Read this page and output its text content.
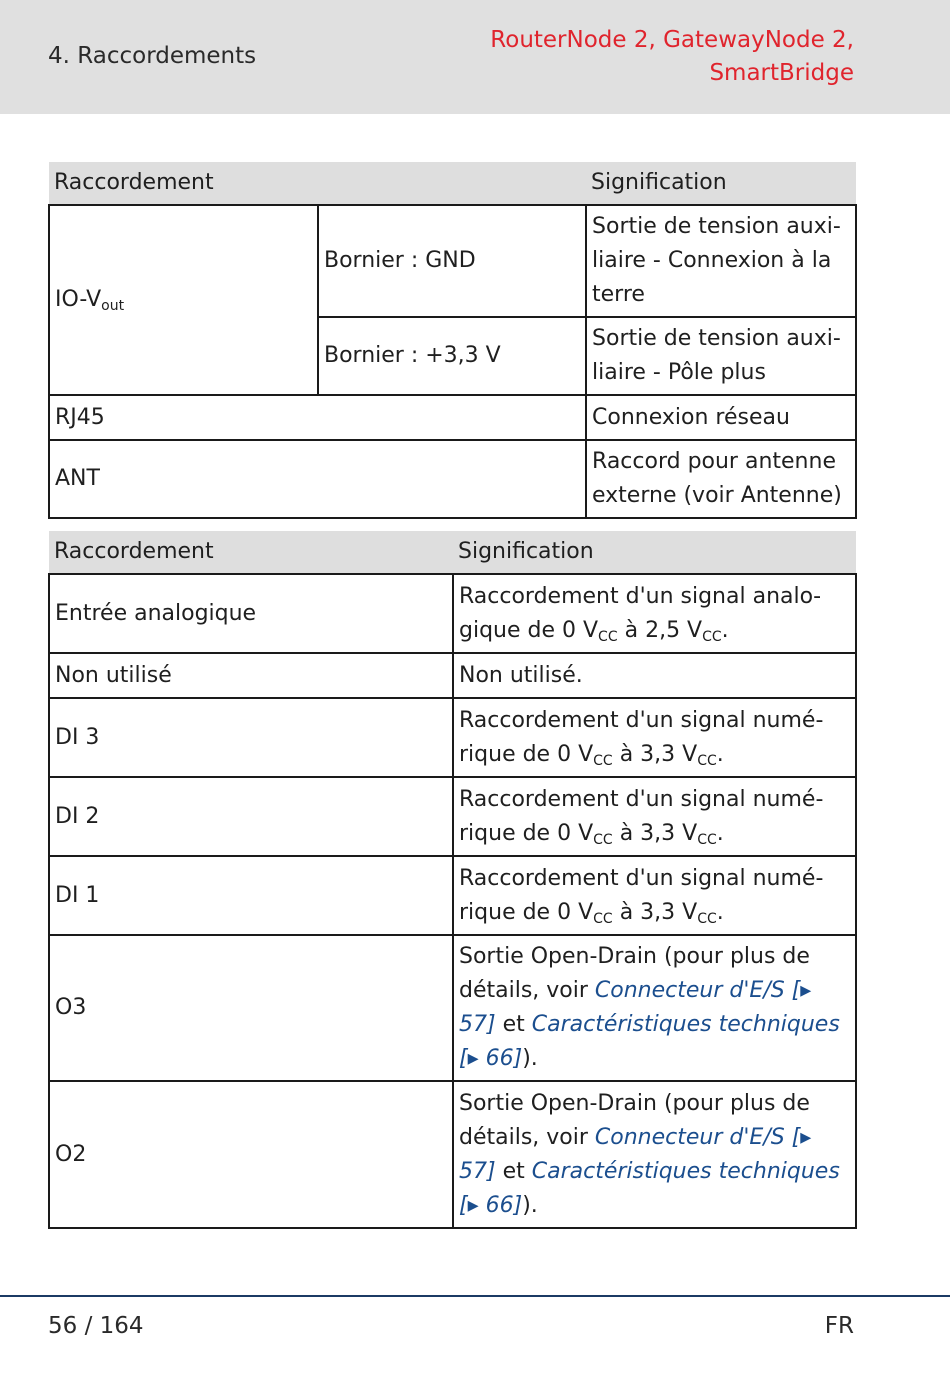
4. Raccordements
RouterNode 2, GatewayNode 2,
SmartBridge
Raccordement		Signification
$IO-V_{out}$	Bornier : GND	Sortie de tension auxiliaire - Connexion à la terre
	Bornier : +3,3 V	Sortie de tension auxiliaire - Pôle plus
RJ45		Connexion réseau
ANT		Raccord pour antenne externe (voir Antenne)
Raccordement	Signification
Entrée analogique	Raccordement d'un signal analogique de 0 $V_{CC}$ à 2,5 $V_{CC}$.
Non utilisé	Non utilisé.
DI 3	Raccordement d'un signal numérique de 0 $V_{CC}$ à 3,3 $V_{CC}$.
DI 2	Raccordement d'un signal numérique de 0 $V_{CC}$ à 3,3 $V_{CC}$.
DI 1	Raccordement d'un signal numérique de 0 $V_{CC}$ à 3,3 $V_{CC}$.
O3	Sortie Open-Drain (pour plus de détails, voir Connecteur d'E/S [▸ 57] et Caractéristiques techniques [▸ 66]).
O2	Sortie Open-Drain (pour plus de détails, voir Connecteur d'E/S [▸ 57] et Caractéristiques techniques [▸ 66]).
56 / 164	FR
